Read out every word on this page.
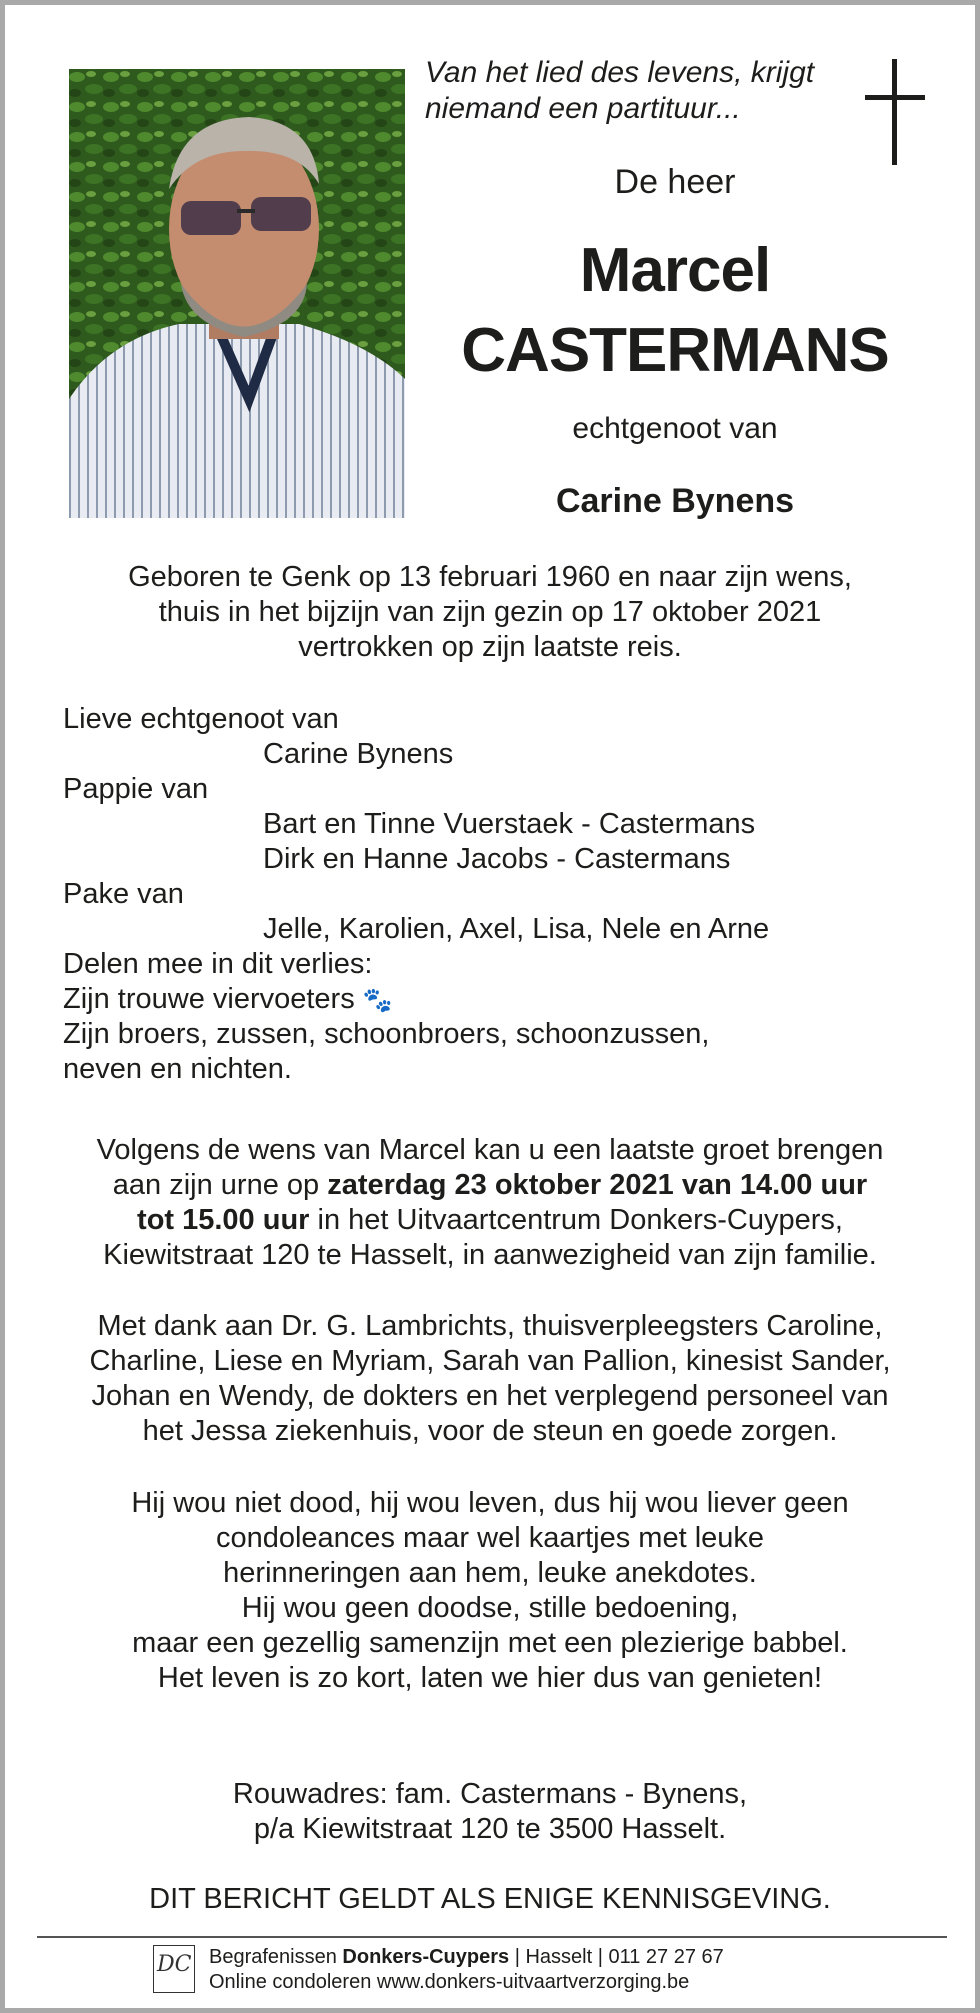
Van het lied des levens, krijgt
niemand een partituur...
De heer
Marcel
CASTERMANS
echtgenoot van
Carine Bynens
Geboren te Genk op 13 februari 1960 en naar zijn wens,
thuis in het bijzijn van zijn gezin op 17 oktober 2021
vertrokken op zijn laatste reis.
Lieve echtgenoot van
Carine Bynens
Pappie van
Bart en Tinne Vuerstaek - Castermans
Dirk en Hanne Jacobs - Castermans
Pake van
Jelle, Karolien, Axel, Lisa, Nele en Arne
Delen mee in dit verlies:
Zijn trouwe viervoeters 🐾
Zijn broers, zussen, schoonbroers, schoonzussen,
neven en nichten.
Volgens de wens van Marcel kan u een laatste groet brengen
aan zijn urne op zaterdag 23 oktober 2021 van 14.00 uur
tot 15.00 uur in het Uitvaartcentrum Donkers-Cuypers,
Kiewitstraat 120 te Hasselt, in aanwezigheid van zijn familie.
Met dank aan Dr. G. Lambrichts, thuisverpleegsters Caroline,
Charline, Liese en Myriam, Sarah van Pallion, kinesist Sander,
Johan en Wendy, de dokters en het verplegend personeel van
het Jessa ziekenhuis, voor de steun en goede zorgen.
Hij wou niet dood, hij wou leven, dus hij wou liever geen
condoleances maar wel kaartjes met leuke
herinneringen aan hem, leuke anekdotes.
Hij wou geen doodse, stille bedoening,
maar een gezellig samenzijn met een plezierige babbel.
Het leven is zo kort, laten we hier dus van genieten!
Rouwadres: fam. Castermans - Bynens,
p/a Kiewitstraat 120 te 3500 Hasselt.
DIT BERICHT GELDT ALS ENIGE KENNISGEVING.
DC Begrafenissen Donkers-Cuypers | Hasselt | 011 27 27 67
Online condoleren www.donkers-uitvaartverzorging.be
